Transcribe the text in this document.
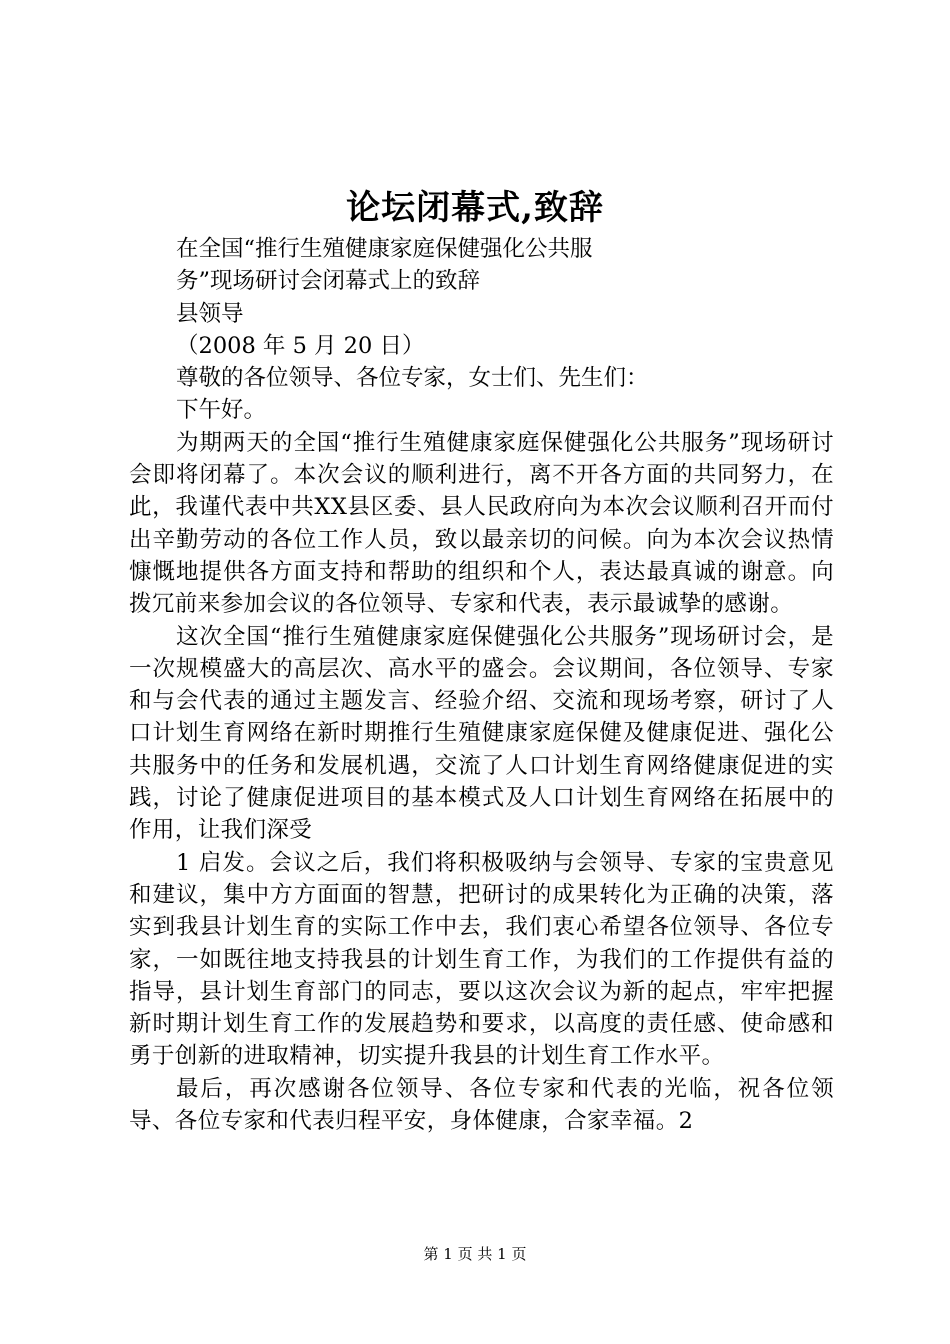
论坛闭幕式,致辞
在全国“推行生殖健康家庭保健强化公共服
务”现场研讨会闭幕式上的致辞
县领导
（2008 年 5 月 20 日）
尊敬的各位领导、各位专家，女士们、先生们：
下午好。

为期两天的全国“推行生殖健康家庭保健强化公共服务”现场研讨会即将闭幕了。本次会议的顺利进行，离不开各方面的共同努力，在此，我谨代表中共XX县区委、县人民政府向为本次会议顺利召开而付出辛勤劳动的各位工作人员，致以最亲切的问候。向为本次会议热情慷慨地提供各方面支持和帮助的组织和个人，表达最真诚的谢意。向拨冗前来参加会议的各位领导、专家和代表，表示最诚挚的感谢。

这次全国“推行生殖健康家庭保健强化公共服务”现场研讨会，是一次规模盛大的高层次、高水平的盛会。会议期间，各位领导、专家和与会代表的通过主题发言、经验介绍、交流和现场考察，研讨了人口计划生育网络在新时期推行生殖健康家庭保健及健康促进、强化公共服务中的任务和发展机遇，交流了人口计划生育网络健康促进的实践，讨论了健康促进项目的基本模式及人口计划生育网络在拓展中的作用，让我们深受

1 启发。会议之后，我们将积极吸纳与会领导、专家的宝贵意见和建议，集中方方面面的智慧，把研讨的成果转化为正确的决策，落实到我县计划生育的实际工作中去，我们衷心希望各位领导、各位专家，一如既往地支持我县的计划生育工作，为我们的工作提供有益的指导，县计划生育部门的同志，要以这次会议为新的起点，牢牢把握新时期计划生育工作的发展趋势和要求，以高度的责任感、使命感和勇于创新的进取精神，切实提升我县的计划生育工作水平。

最后，再次感谢各位领导、各位专家和代表的光临，祝各位领导、各位专家和代表归程平安，身体健康，合家幸福。2

第 1 页 共 1 页
